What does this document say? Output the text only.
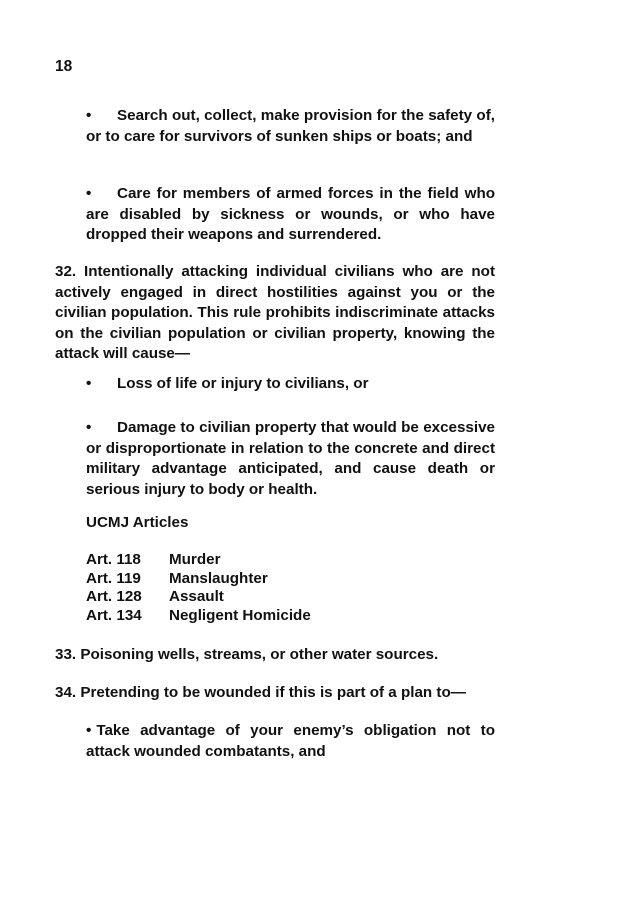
18

• Search out, collect, make provision for the safety of, or to care for survivors of sunken ships or boats; and

• Care for members of armed forces in the field who are disabled by sickness or wounds, or who have dropped their weapons and surrendered.

32. Intentionally attacking individual civilians who are not actively engaged in direct hostilities against you or the civilian population. This rule prohibits indiscriminate attacks on the civilian population or civilian property, knowing the attack will cause—

• Loss of life or injury to civilians, or

• Damage to civilian property that would be excessive or disproportionate in relation to the concrete and direct military advantage anticipated, and cause death or serious injury to body or health.

UCMJ Articles
Art. 118	Murder
Art. 119	Manslaughter
Art. 128	Assault
Art. 134	Negligent Homicide
33. Poisoning wells, streams, or other water sources.
34. Pretending to be wounded if this is part of a plan to—

• Take advantage of your enemy’s obligation not to attack wounded combatants, and
